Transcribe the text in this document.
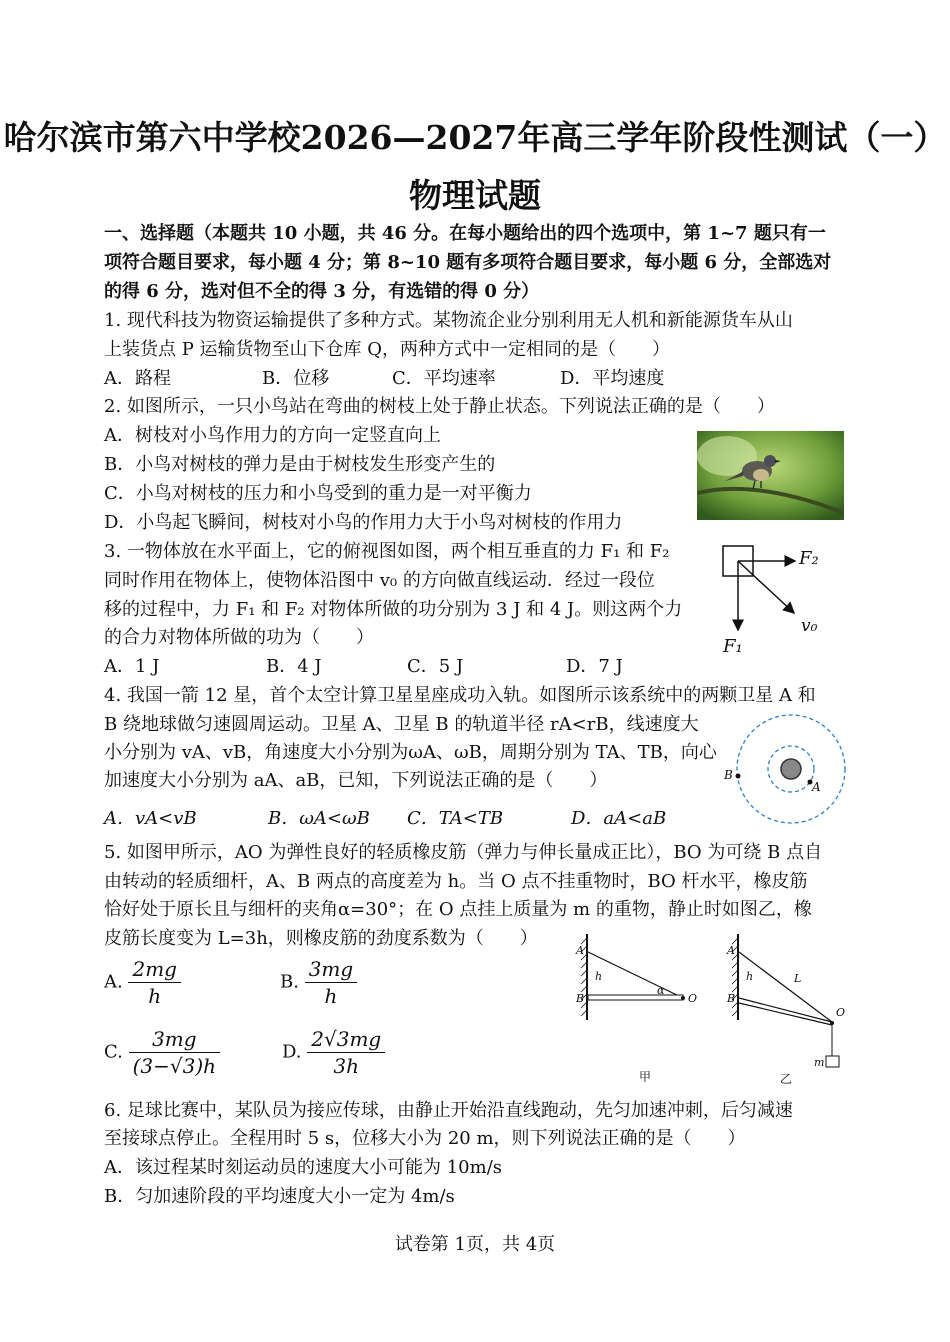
哈尔滨市第六中学校2026—2027年高三学年阶段性测试（一）
物理试题
一、选择题（本题共 10 小题，共 46 分。在每小题给出的四个选项中，第 1~7 题只有一
项符合题目要求，每小题 4 分；第 8~10 题有多项符合题目要求，每小题 6 分，全部选对
的得 6 分，选对但不全的得 3 分，有选错的得 0 分）
1. 现代科技为物资运输提供了多种方式。某物流企业分别利用无人机和新能源货车从山
上装货点 P 运输货物至山下仓库 Q，两种方式中一定相同的是（　　）
A．路程	B．位移	C．平均速率	D．平均速度
2. 如图所示，一只小鸟站在弯曲的树枝上处于静止状态。下列说法正确的是（　　）
A．树枝对小鸟作用力的方向一定竖直向上
B．小鸟对树枝的弹力是由于树枝发生形变产生的
C．小鸟对树枝的压力和小鸟受到的重力是一对平衡力
D．小鸟起飞瞬间，树枝对小鸟的作用力大于小鸟对树枝的作用力
3. 一物体放在水平面上，它的俯视图如图，两个相互垂直的力 F₁ 和 F₂
同时作用在物体上，使物体沿图中 v₀ 的方向做直线运动．经过一段位
移的过程中，力 F₁ 和 F₂ 对物体所做的功分别为 3 J 和 4 J。则这两个力
的合力对物体所做的功为（　　）
A．1 J	B．4 J	C．5 J	D．7 J
F₂
v₀
F₁
4. 我国一箭 12 星，首个太空计算卫星星座成功入轨。如图所示该系统中的两颗卫星 A 和
B 绕地球做匀速圆周运动。卫星 A、卫星 B 的轨道半径 rA<rB，线速度大
小分别为 vA、vB，角速度大小分别为ωA、ωB，周期分别为 TA、TB，向心
加速度大小分别为 aA、aB，已知，下列说法正确的是（　　）
A．vA<vB	B．ωA<ωB C．TA<TB	D．aA<aB
B
A
5. 如图甲所示，AO 为弹性良好的轻质橡皮筋（弹力与伸长量成正比），BO 为可绕 B 点自
由转动的轻质细杆，A、B 两点的高度差为 h。当 O 点不挂重物时，BO 杆水平，橡皮筋
恰好处于原长且与细杆的夹角α=30°；在 O 点挂上质量为 m 的重物，静止时如图乙，橡
皮筋长度变为 L=3h，则橡皮筋的劲度系数为（　　）
A. $\frac{2mg}{h}$	B. $\frac{3mg}{h}$
C. $\frac{3mg}{(3-√3)h}$	D. $\frac{2√3mg}{3h}$
A
h
B
α
O
甲
A
h
B
L
O
m
乙
6. 足球比赛中，某队员为接应传球，由静止开始沿直线跑动，先匀加速冲刺，后匀减速
至接球点停止。全程用时 5 s，位移大小为 20 m，则下列说法正确的是（　　）
A．该过程某时刻运动员的速度大小可能为 10m/s
B．匀加速阶段的平均速度大小一定为 4m/s
试卷第 1页，共 4页
